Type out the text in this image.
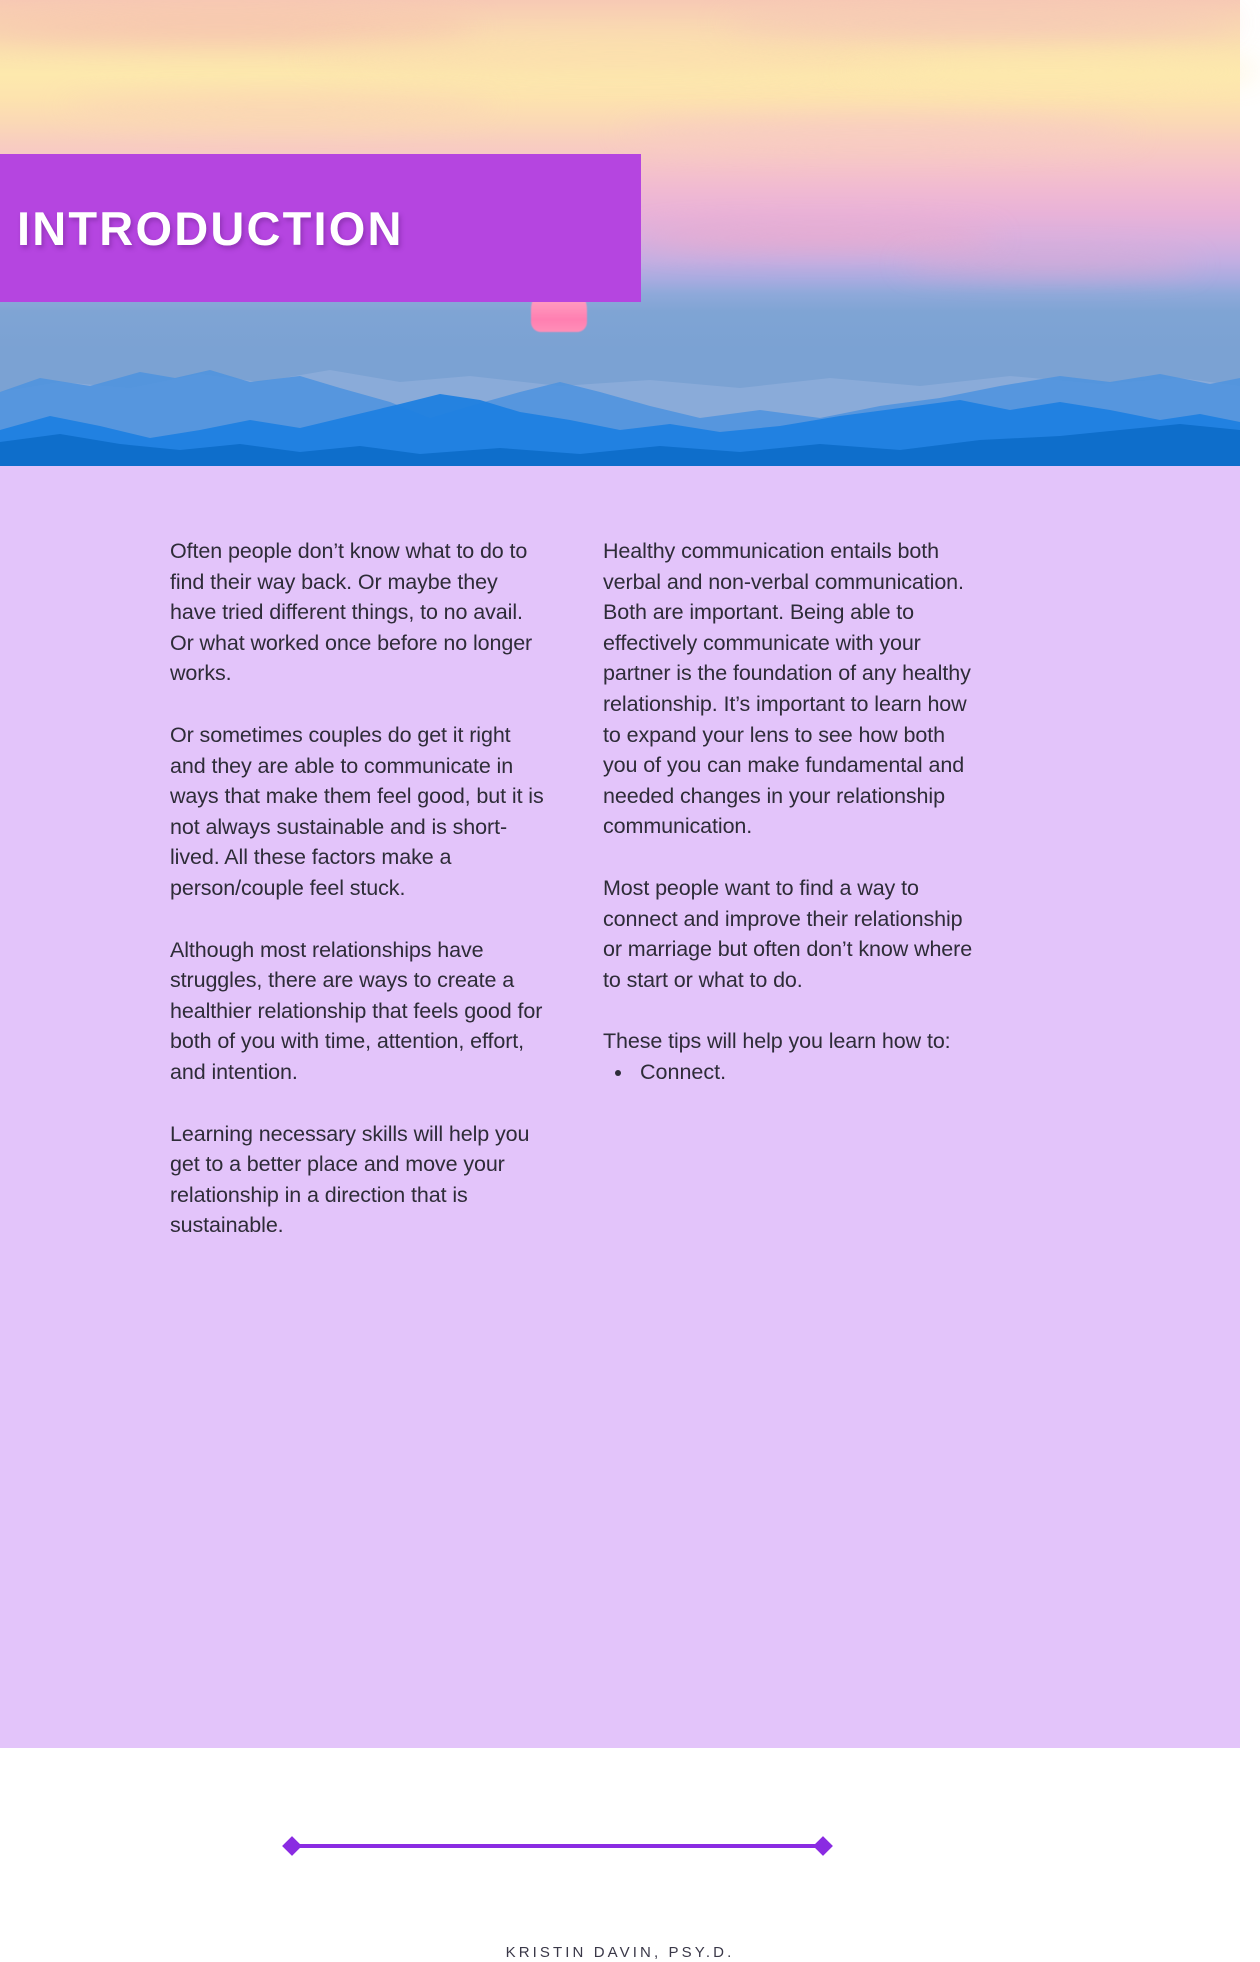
INTRODUCTION

Often people don’t know what to do to find their way back. Or maybe they have tried different things, to no avail. Or what worked once before no longer works.

Or sometimes couples do get it right and they are able to communicate in ways that make them feel good, but it is not always sustainable and is short-lived. All these factors make a person/couple feel stuck.

Although most relationships have struggles, there are ways to create a healthier relationship that feels good for both of you with time, attention, effort, and intention.

Learning necessary skills will help you get to a better place and move your relationship in a direction that is sustainable.

Healthy communication entails both verbal and non-verbal communication. Both are important. Being able to effectively communicate with your partner is the foundation of any healthy relationship. It’s important to learn how to expand your lens to see how both you of you can make fundamental and needed changes in your relationship communication.

Most people want to find a way to connect and improve their relationship or marriage but often don’t know where to start or what to do.

These tips will help you learn how to:

• Connect.
KRISTIN DAVIN, PSY.D.
